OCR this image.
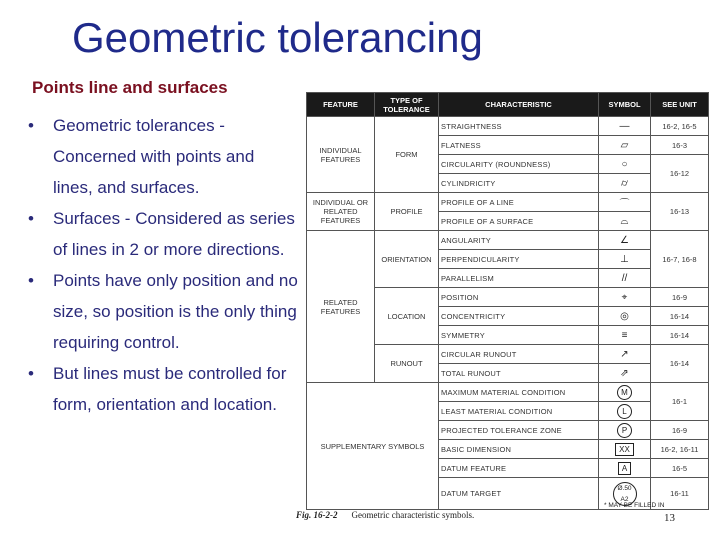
Geometric tolerancing
Points line and surfaces
• Geometric tolerances - Concerned with points and lines, and surfaces.
• Surfaces - Considered as series of lines in 2 or more directions.
• Points have only position and no size, so position is the only thing requiring control.
• But lines must be controlled for form, orientation and location.
FEATURE	TYPE OF TOLERANCE	CHARACTERISTIC	SYMBOL	SEE UNIT
INDIVIDUAL FEATURES	FORM	STRAIGHTNESS	—	16-2, 16-5
		FLATNESS	▱	16-3
		CIRCULARITY (ROUNDNESS)	○	16-12
		CYLINDRICITY	⌭	
INDIVIDUAL OR RELATED FEATURES	PROFILE	PROFILE OF A LINE	⌒	16-13
		PROFILE OF A SURFACE	⌓	
RELATED FEATURES	ORIENTATION	ANGULARITY	∠	16-7, 16-8
		PERPENDICULARITY	⊥	
		PARALLELISM	//	
	LOCATION	POSITION	⌖	16-9
		CONCENTRICITY	◎	16-14
		SYMMETRY	≡	16-14
	RUNOUT	CIRCULAR RUNOUT	↗	16-14
		TOTAL RUNOUT	⇗	
SUPPLEMENTARY SYMBOLS		MAXIMUM MATERIAL CONDITION	M	16-1
		LEAST MATERIAL CONDITION	L	
		PROJECTED TOLERANCE ZONE	P	16-9
		BASIC DIMENSION	XX	16-2, 16-11
		DATUM FEATURE	A	16-5
		DATUM TARGET	Ø.50 A2	16-11
* MAY BE FILLED IN
Fig. 16-2-2 Geometric characteristic symbols.	13
